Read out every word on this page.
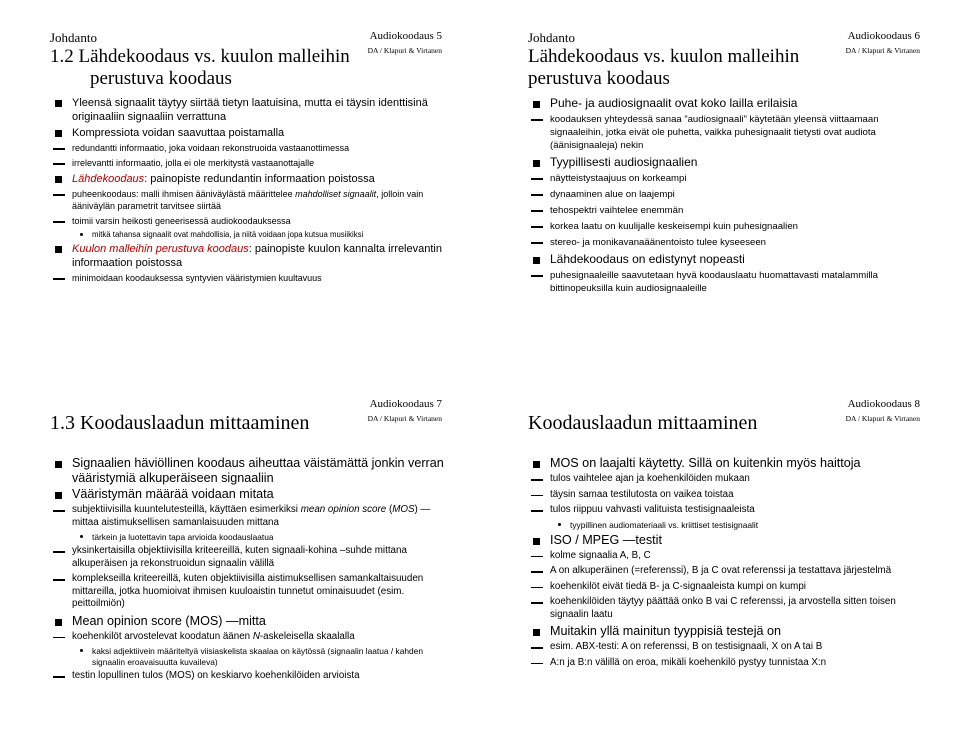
Johdanto	Audiokoodaus 5
DA / Klapuri & Virtanen
1.2 Lähdekoodaus vs. kuulon malleihin
perustuva koodaus
Yleensä signaalit täytyy siirtää tietyn laatuisina, mutta ei täysin identtisinä originaaliin signaaliin verrattuna
Kompressiota voidan saavuttaa poistamalla
redundantti informaatio, joka voidaan rekonstruoida vastaanottimessa
irrelevantti informaatio, jolla ei ole merkitystä vastaanottajalle
Lähdekoodaus: painopiste redundantin informaation poistossa
puheenkoodaus: malli ihmisen ääniväylästä määrittelee mahdolliset signaalit, jolloin vain ääniväylän parametrit tarvitsee siirtää
toimii varsin heikosti geneerisessä audiokoodauksessa
mitkä tahansa signaalit ovat mahdollisia, ja niitä voidaan jopa kutsua musiikiksi
Kuulon malleihin perustuva koodaus: painopiste kuulon kannalta irrelevantin informaation poistossa
minimoidaan koodauksessa syntyvien vääristymien kuultavuus
Johdanto	Audiokoodaus 6
DA / Klapuri & Virtanen
Lähdekoodaus vs. kuulon malleihin
perustuva koodaus
Puhe- ja audiosignaalit ovat koko lailla erilaisia
koodauksen yhteydessä sanaa ”audiosignaali” käytetään yleensä viittaamaan signaaleihin, jotka eivät ole puhetta, vaikka puhesignaalit tietysti ovat audiota (äänisignaaleja) nekin
Tyypillisesti audiosignaalien
näytteistystaajuus on korkeampi
dynaaminen alue on laajempi
tehospektri vaihtelee enemmän
korkea laatu on kuulijalle keskeisempi kuin puhesignaalien
stereo- ja monikavanaäänentoisto tulee kyseeseen
Lähdekoodaus on edistynyt nopeasti
puhesignaaleille saavutetaan hyvä koodauslaatu huomattavasti matalammilla bittinopeuksilla kuin audiosignaaleille
Audiokoodaus 7
DA / Klapuri & Virtanen
1.3 Koodauslaadun mittaaminen
Signaalien häviöllinen koodaus aiheuttaa väistämättä jonkin verran vääristymiä alkuperäiseen signaaliin
Vääristymän määrää voidaan mitata
subjektiivisilla kuuntelutesteillä, käyttäen esimerkiksi mean opinion score (MOS) —mittaa aistimuksellisen samanlaisuuden mittana
tärkein ja luotettavin tapa arvioida koodauslaatua
yksinkertaisilla objektiivisilla kriteereillä, kuten signaali-kohina –suhde mittana alkuperäisen ja rekonstruoidun signaalin välillä
komplekseilla kriteereillä, kuten objektiivisilla aistimuksellisen samankaltaisuuden mittareilla, jotka huomioivat ihmisen kuuloaistin tunnetut ominaisuudet (esim. peittoilmiön)
Mean opinion score (MOS) —mitta
koehenkilöt arvostelevat koodatun äänen N-askeleisella skaalalla
kaksi adjektiivein määriteltyä viisiaskelista skaalaa on käytössä (signaalin laatua / kahden signaalin eroavaisuutta kuvaileva)
testin lopullinen tulos (MOS) on keskiarvo koehenkilöiden arvioista
Audiokoodaus 8
DA / Klapuri & Virtanen
Koodauslaadun mittaaminen
MOS on laajalti käytetty. Sillä on kuitenkin myös haittoja
tulos vaihtelee ajan ja koehenkilöiden mukaan
täysin samaa testilutosta on vaikea toistaa
tulos riippuu vahvasti valituista testisignaaleista
tyypillinen audiomateriaali vs. kriittiset testisignaalit
ISO / MPEG —testit
kolme signaalia A, B, C
A on alkuperäinen (=referenssi), B ja C ovat referenssi ja testattava järjestelmä
koehenkilöt eivät tiedä B- ja C-signaaleista kumpi on kumpi
koehenkilöiden täytyy päättää onko B vai C referenssi, ja arvostella sitten toisen signaalin laatu
Muitakin yllä mainitun tyyppisiä testejä on
esim. ABX-testi: A on referenssi, B on testisignaali, X on A tai B
A:n ja B:n välillä on eroa, mikäli koehenkilö pystyy tunnistaa X:n
